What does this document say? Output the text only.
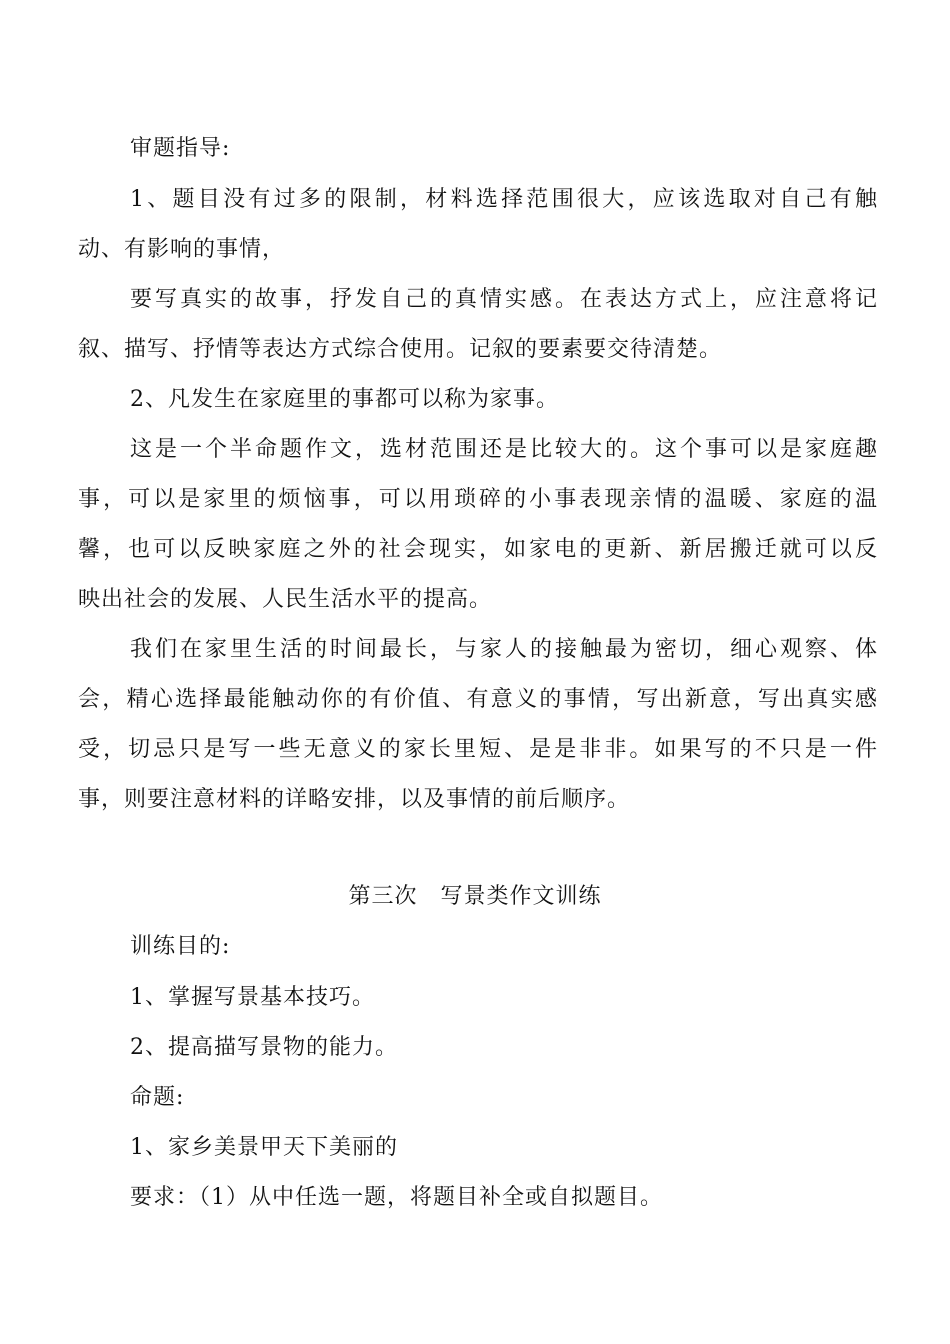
审题指导:
1、题目没有过多的限制，材料选择范围很大，应该选取对自己有触
动、有影响的事情，
要写真实的故事，抒发自己的真情实感。在表达方式上，应注意将记
叙、描写、抒情等表达方式综合使用。记叙的要素要交待清楚。
2、凡发生在家庭里的事都可以称为家事。
这是一个半命题作文，选材范围还是比较大的。这个事可以是家庭趣
事，可以是家里的烦恼事，可以用琐碎的小事表现亲情的温暖、家庭的温
馨，也可以反映家庭之外的社会现实，如家电的更新、新居搬迁就可以反
映出社会的发展、人民生活水平的提高。
我们在家里生活的时间最长，与家人的接触最为密切，细心观察、体
会，精心选择最能触动你的有价值、有意义的事情，写出新意，写出真实感
受，切忌只是写一些无意义的家长里短、是是非非。如果写的不只是一件
事，则要注意材料的详略安排，以及事情的前后顺序。
第三次　写景类作文训练
训练目的:
1、掌握写景基本技巧。
2、提高描写景物的能力。
命题:
1、家乡美景甲天下美丽的
要求：（1）从中任选一题，将题目补全或自拟题目。
